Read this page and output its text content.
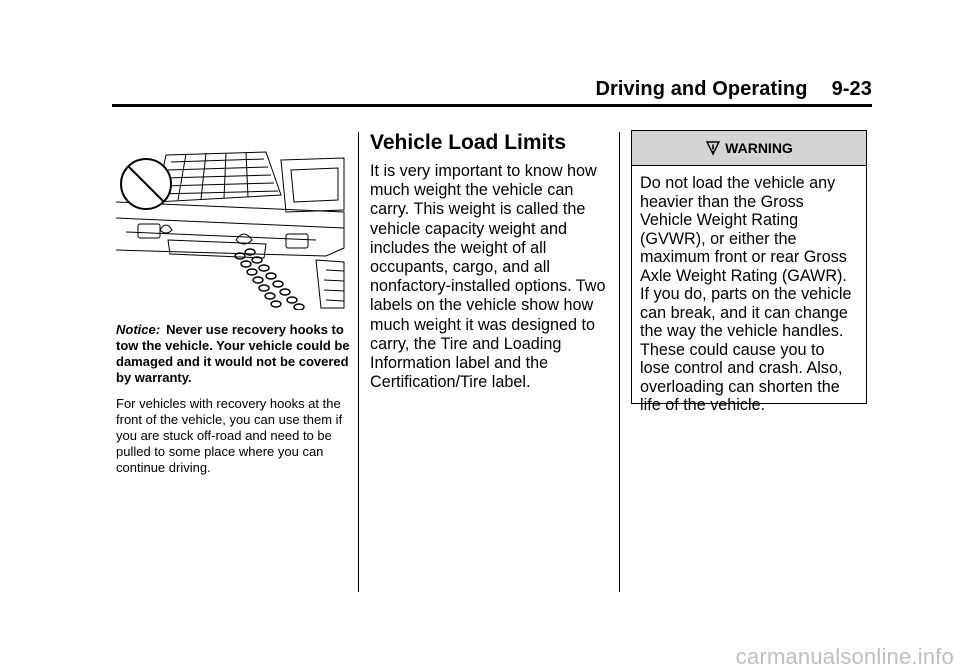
Driving and Operating 9-23
Notice: Never use recovery hooks to tow the vehicle. Your vehicle could be damaged and it would not be covered by warranty.
For vehicles with recovery hooks at the front of the vehicle, you can use them if you are stuck off-road and need to be pulled to some place where you can continue driving.
Vehicle Load Limits

It is very important to know how much weight the vehicle can carry. This weight is called the vehicle capacity weight and includes the weight of all occupants, cargo, and all nonfactory-installed options. Two labels on the vehicle show how much weight it was designed to carry, the Tire and Loading Information label and the Certification/Tire label.

WARNING
Do not load the vehicle any heavier than the Gross Vehicle Weight Rating (GVWR), or either the maximum front or rear Gross Axle Weight Rating (GAWR). If you do, parts on the vehicle can break, and it can change the way the vehicle handles. These could cause you to lose control and crash. Also, overloading can shorten the life of the vehicle.
carmanualsonline.info
